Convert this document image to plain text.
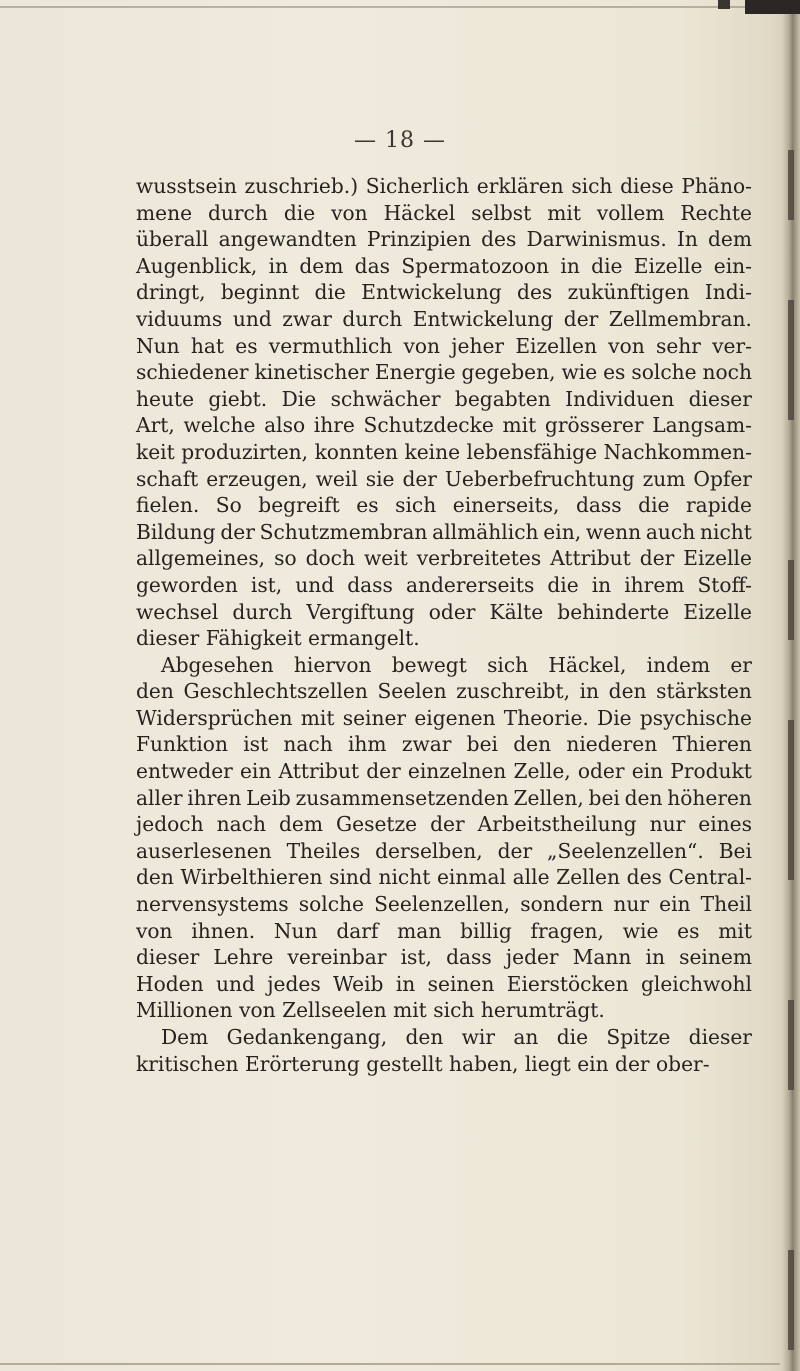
— 18 —
wusstsein zuschrieb.) Sicherlich erklären sich diese Phäno-
mene durch die von Häckel selbst mit vollem Rechte
überall angewandten Prinzipien des Darwinismus. In dem
Augenblick, in dem das Spermatozoon in die Eizelle ein-
dringt, beginnt die Entwickelung des zukünftigen Indi-
viduums und zwar durch Entwickelung der Zellmembran.
Nun hat es vermuthlich von jeher Eizellen von sehr ver-
schiedener kinetischer Energie gegeben, wie es solche noch
heute giebt. Die schwächer begabten Individuen dieser
Art, welche also ihre Schutzdecke mit grösserer Langsam-
keit produzirten, konnten keine lebensfähige Nachkommen-
schaft erzeugen, weil sie der Ueberbefruchtung zum Opfer
fielen. So begreift es sich einerseits, dass die rapide
Bildung der Schutzmembran allmählich ein, wenn auch nicht
allgemeines, so doch weit verbreitetes Attribut der Eizelle
geworden ist, und dass andererseits die in ihrem Stoff-
wechsel durch Vergiftung oder Kälte behinderte Eizelle
dieser Fähigkeit ermangelt.
Abgesehen hiervon bewegt sich Häckel, indem er
den Geschlechtszellen Seelen zuschreibt, in den stärksten
Widersprüchen mit seiner eigenen Theorie. Die psychische
Funktion ist nach ihm zwar bei den niederen Thieren
entweder ein Attribut der einzelnen Zelle, oder ein Produkt
aller ihren Leib zusammensetzenden Zellen, bei den höheren
jedoch nach dem Gesetze der Arbeitstheilung nur eines
auserlesenen Theiles derselben, der „Seelenzellen“. Bei
den Wirbelthieren sind nicht einmal alle Zellen des Central-
nervensystems solche Seelenzellen, sondern nur ein Theil
von ihnen. Nun darf man billig fragen, wie es mit
dieser Lehre vereinbar ist, dass jeder Mann in seinem
Hoden und jedes Weib in seinen Eierstöcken gleichwohl
Millionen von Zellseelen mit sich herumträgt.
Dem Gedankengang, den wir an die Spitze dieser
kritischen Erörterung gestellt haben, liegt ein der ober-
